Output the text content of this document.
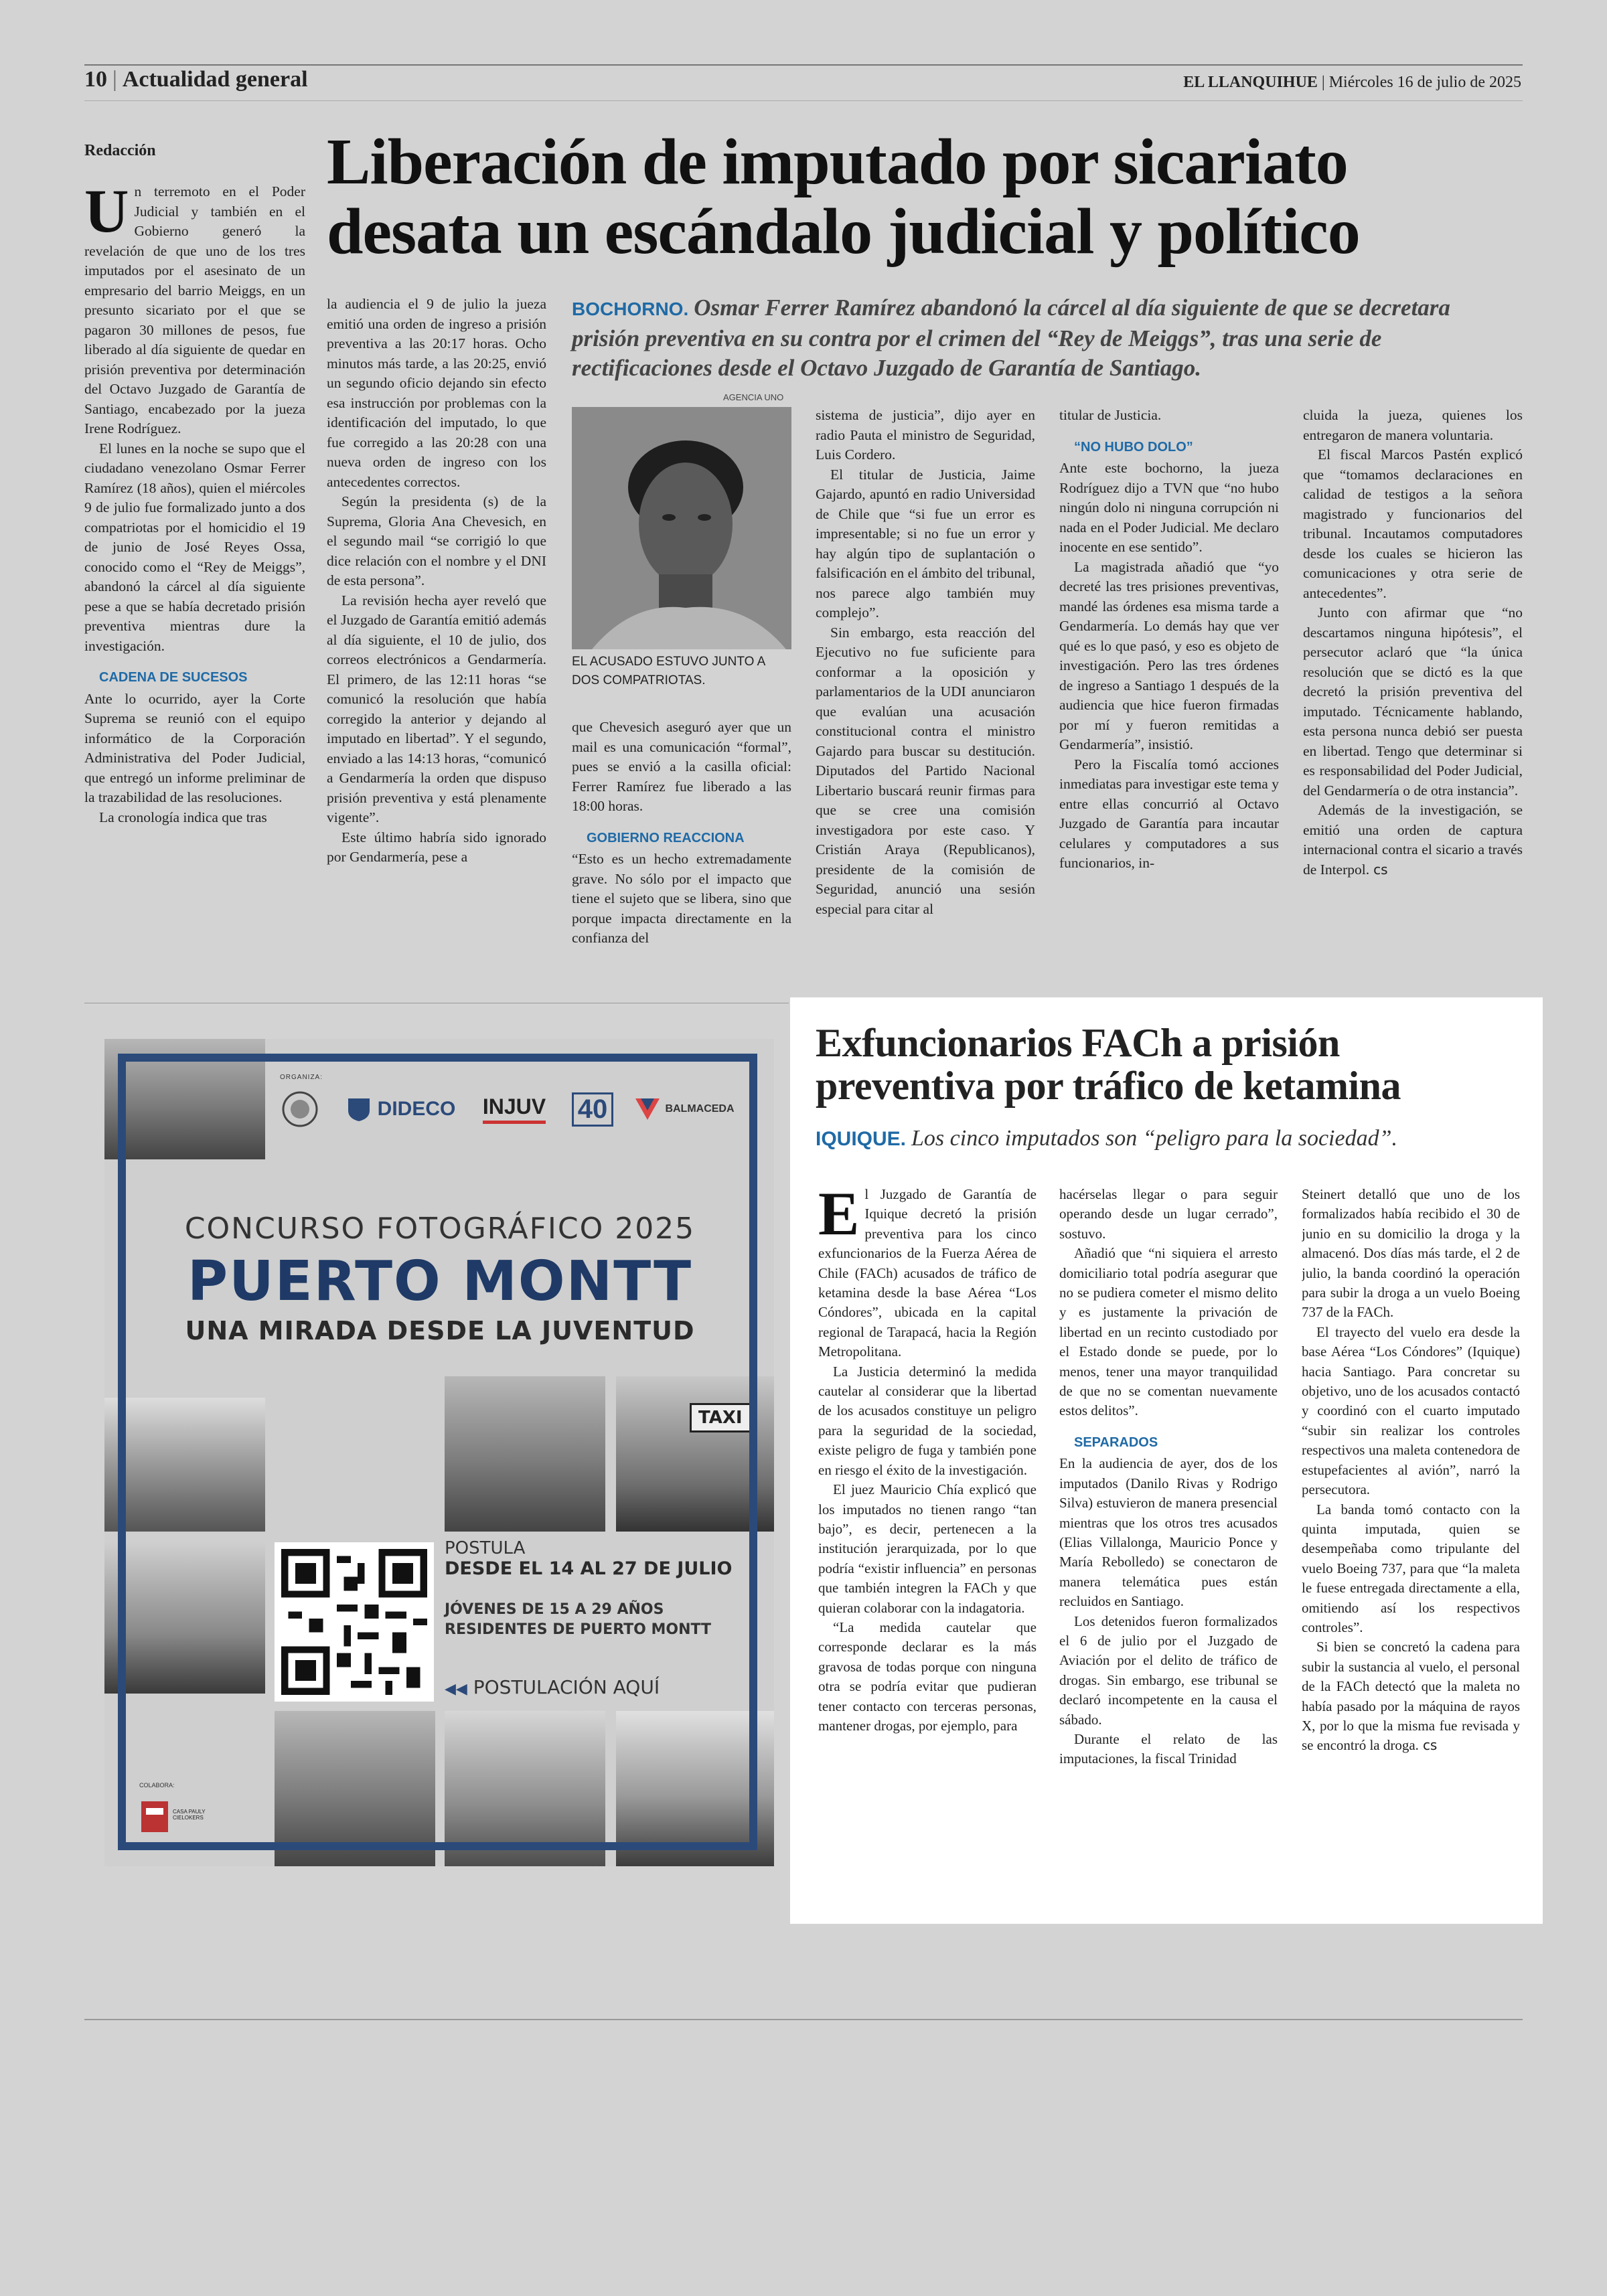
10 | Actualidad general	EL LLANQUIHUE | Miércoles 16 de julio de 2025
Redacción	Liberación de imputado por sicariato
desata un escándalo judicial y político
BOCHORNO. Osmar Ferrer Ramírez abandonó la cárcel al día siguiente de que se decretara prisión preventiva en su contra por el crimen del “Rey de Meiggs”, tras una serie de rectificaciones desde el Octavo Juzgado de Garantía de Santiago.

Un terremoto en el Poder Judicial y también en el Gobierno generó la revelación de que uno de los tres imputados por el asesinato de un empresario del barrio Meiggs, en un presunto sicariato por el que se pagaron 30 millones de pesos, fue liberado al día siguiente de quedar en prisión preventiva por determinación del Octavo Juzgado de Garantía de Santiago, encabezado por la jueza Irene Rodríguez.

El lunes en la noche se supo que el ciudadano venezolano Osmar Ferrer Ramírez (18 años), quien el miércoles 9 de julio fue formalizado junto a dos compatriotas por el homicidio el 19 de junio de José Reyes Ossa, conocido como el “Rey de Meiggs”, abandonó la cárcel al día siguiente pese a que se había decretado prisión preventiva mientras dure la investigación.

CADENA DE SUCESOS

Ante lo ocurrido, ayer la Corte Suprema se reunió con el equipo informático de la Corporación Administrativa del Poder Judicial, que entregó un informe preliminar de la trazabilidad de las resoluciones.

La cronología indica que tras

la audiencia el 9 de julio la jueza emitió una orden de ingreso a prisión preventiva a las 20:17 horas. Ocho minutos más tarde, a las 20:25, envió un segundo oficio dejando sin efecto esa instrucción por problemas con la identificación del imputado, lo que fue corregido a las 20:28 con una nueva orden de ingreso con los antecedentes correctos.

Según la presidenta (s) de la Suprema, Gloria Ana Chevesich, en el segundo mail “se corrigió lo que dice relación con el nombre y el DNI de esta persona”.

La revisión hecha ayer reveló que el Juzgado de Garantía emitió además al día siguiente, el 10 de julio, dos correos electrónicos a Gendarmería. El primero, de las 12:11 horas “se comunicó la resolución que había corregido la anterior y dejando al imputado en libertad”. Y el segundo, enviado a las 14:13 horas, “comunicó a Gendarmería la orden que dispuso prisión preventiva y está plenamente vigente”.

Este último habría sido ignorado por Gendarmería, pese a

AGENCIA UNO
EL ACUSADO ESTUVO JUNTO A DOS COMPATRIOTAS.

que Chevesich aseguró ayer que un mail es una comunicación “formal”, pues se envió a la casilla oficial: Ferrer Ramírez fue liberado a las 18:00 horas.

GOBIERNO REACCIONA

“Esto es un hecho extremadamente grave. No sólo por el impacto que tiene el sujeto que se libera, sino que porque impacta directamente en la confianza del

sistema de justicia”, dijo ayer en radio Pauta el ministro de Seguridad, Luis Cordero.

El titular de Justicia, Jaime Gajardo, apuntó en radio Universidad de Chile que “si fue un error es impresentable; si no fue un error y hay algún tipo de suplantación o falsificación en el ámbito del tribunal, nos parece algo también muy complejo”.

Sin embargo, esta reacción del Ejecutivo no fue suficiente para conformar a la oposición y parlamentarios de la UDI anunciaron que evalúan una acusación constitucional contra el ministro Gajardo para buscar su destitución. Diputados del Partido Nacional Libertario buscará reunir firmas para que se cree una comisión investigadora por este caso. Y Cristián Araya (Republicanos), presidente de la comisión de Seguridad, anunció una sesión especial para citar al

titular de Justicia.

“NO HUBO DOLO”

Ante este bochorno, la jueza Rodríguez dijo a TVN que “no hubo ningún dolo ni ninguna corrupción ni nada en el Poder Judicial. Me declaro inocente en ese sentido”.

La magistrada añadió que “yo decreté las tres prisiones preventivas, mandé las órdenes esa misma tarde a Gendarmería. Lo demás hay que ver qué es lo que pasó, y eso es objeto de investigación. Pero las tres órdenes de ingreso a Santiago 1 después de la audiencia que hice fueron firmadas por mí y fueron remitidas a Gendarmería”, insistió.

Pero la Fiscalía tomó acciones inmediatas para investigar este tema y entre ellas concurrió al Octavo Juzgado de Garantía para incautar celulares y computadores a sus funcionarios, in-

cluida la jueza, quienes los entregaron de manera voluntaria.

El fiscal Marcos Pastén explicó que “tomamos declaraciones en calidad de testigos a la señora magistrado y funcionarios del tribunal. Incautamos computadores desde los cuales se hicieron las comunicaciones y otra serie de antecedentes”.

Junto con afirmar que “no descartamos ninguna hipótesis”, el persecutor aclaró que “la única resolución que se dictó es la que decretó la prisión preventiva del imputado. Técnicamente hablando, esta persona nunca debió ser puesta en libertad. Tengo que determinar si es responsabilidad del Poder Judicial, del Gendarmería o de otra instancia”.

Además de la investigación, se emitió una orden de captura internacional contra el sicario a través de Interpol. cs

TAXI
ORGANIZA:
DIDECO INJUV 40	BALMACEDA
CONCURSO FOTOGRÁFICO 2025
PUERTO MONTT
UNA MIRADA DESDE LA JUVENTUD
POSTULA
DESDE EL 14 AL 27 DE JULIO
JÓVENES DE 15 A 29 AÑOS
RESIDENTES DE PUERTO MONTT
◀◀ POSTULACIÓN AQUÍ
COLABORA:
CASA PAULY CIELOKERS
Exfuncionarios FACh a prisión
preventiva por tráfico de ketamina
IQUIQUE. Los cinco imputados son “peligro para la sociedad”.

El Juzgado de Garantía de Iquique decretó la prisión preventiva para los cinco exfuncionarios de la Fuerza Aérea de Chile (FACh) acusados de tráfico de ketamina desde la base Aérea “Los Cóndores”, ubicada en la capital regional de Tarapacá, hacia la Región Metropolitana.

La Justicia determinó la medida cautelar al considerar que la libertad de los acusados constituye un peligro para la seguridad de la sociedad, existe peligro de fuga y también pone en riesgo el éxito de la investigación.

El juez Mauricio Chía explicó que los imputados no tienen rango “tan bajo”, es decir, pertenecen a la institución jerarquizada, por lo que podría “existir influencia” en personas que también integren la FACh y que quieran colaborar con la indagatoria.

“La medida cautelar que corresponde declarar es la más gravosa de todas porque con ninguna otra se podría evitar que pudieran tener contacto con terceras personas, mantener drogas, por ejemplo, para

hacérselas llegar o para seguir operando desde un lugar cerrado”, sostuvo.

Añadió que “ni siquiera el arresto domiciliario total podría asegurar que no se pudiera cometer el mismo delito y es justamente la privación de libertad en un recinto custodiado por el Estado donde se puede, por lo menos, tener una mayor tranquilidad de que no se comentan nuevamente estos delitos”.

SEPARADOS

En la audiencia de ayer, dos de los imputados (Danilo Rivas y Rodrigo Silva) estuvieron de manera presencial mientras que los otros tres acusados (Elias Villalonga, Mauricio Ponce y María Rebolledo) se conectaron de manera telemática pues están recluidos en Santiago.

Los detenidos fueron formalizados el 6 de julio por el Juzgado de Aviación por el delito de tráfico de drogas. Sin embargo, ese tribunal se declaró incompetente en la causa el sábado.

Durante el relato de las imputaciones, la fiscal Trinidad

Steinert detalló que uno de los formalizados había recibido el 30 de junio en su domicilio la droga y la almacenó. Dos días más tarde, el 2 de julio, la banda coordinó la operación para subir la droga a un vuelo Boeing 737 de la FACh.

El trayecto del vuelo era desde la base Aérea “Los Cóndores” (Iquique) hacia Santiago. Para concretar su objetivo, uno de los acusados contactó y coordinó con el cuarto imputado “subir sin realizar los controles respectivos una maleta contenedora de estupefacientes al avión”, narró la persecutora.

La banda tomó contacto con la quinta imputada, quien se desempeñaba como tripulante del vuelo Boeing 737, para que “la maleta le fuese entregada directamente a ella, omitiendo así los respectivos controles”.

Si bien se concretó la cadena para subir la sustancia al vuelo, el personal de la FACh detectó que la maleta no había pasado por la máquina de rayos X, por lo que la misma fue revisada y se encontró la droga. cs
